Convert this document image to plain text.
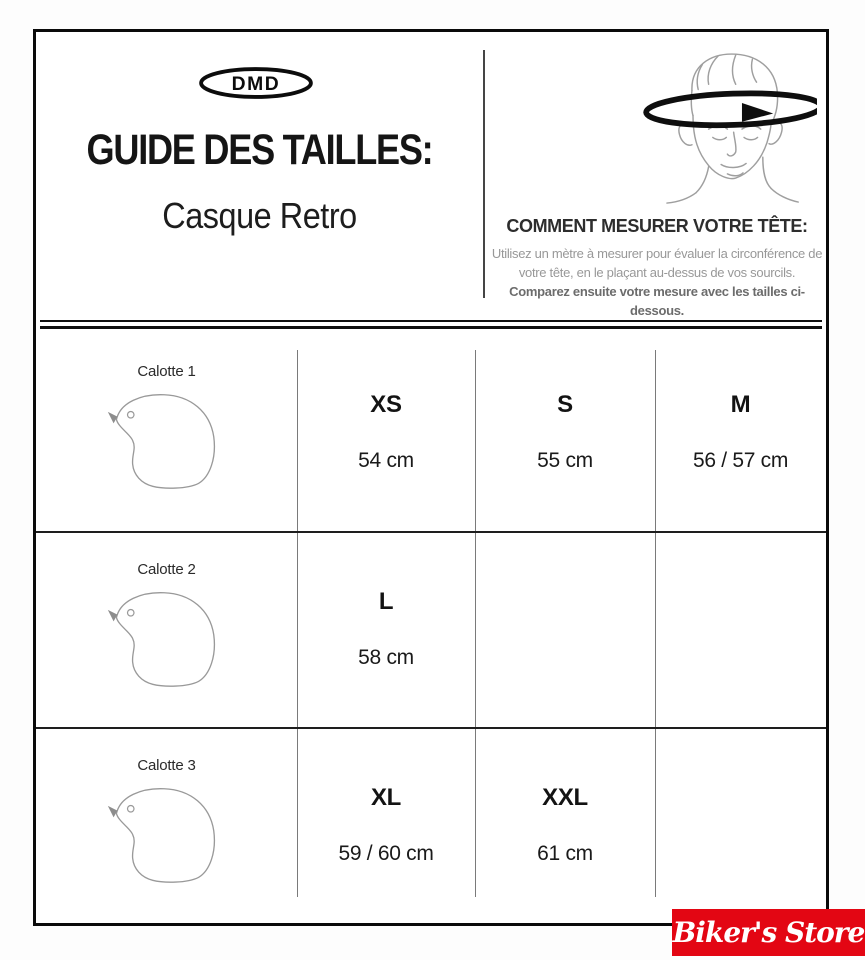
DMD
GUIDE DES TAILLES:
Casque Retro	COMMENT MESURER VOTRE TÊTE:

Utilisez un mètre à mesurer pour évaluer la circonférence de

votre tête, en le plaçant au-dessus de vos sourcils.

Comparez ensuite votre mesure avec les tailles ci-dessous.

Calotte 1
XS
54 cm
S
55 cm
M
56 / 57 cm
Calotte 2
L
58 cm
Calotte 3
XL
59 / 60 cm
XXL
61 cm
Biker's Store
